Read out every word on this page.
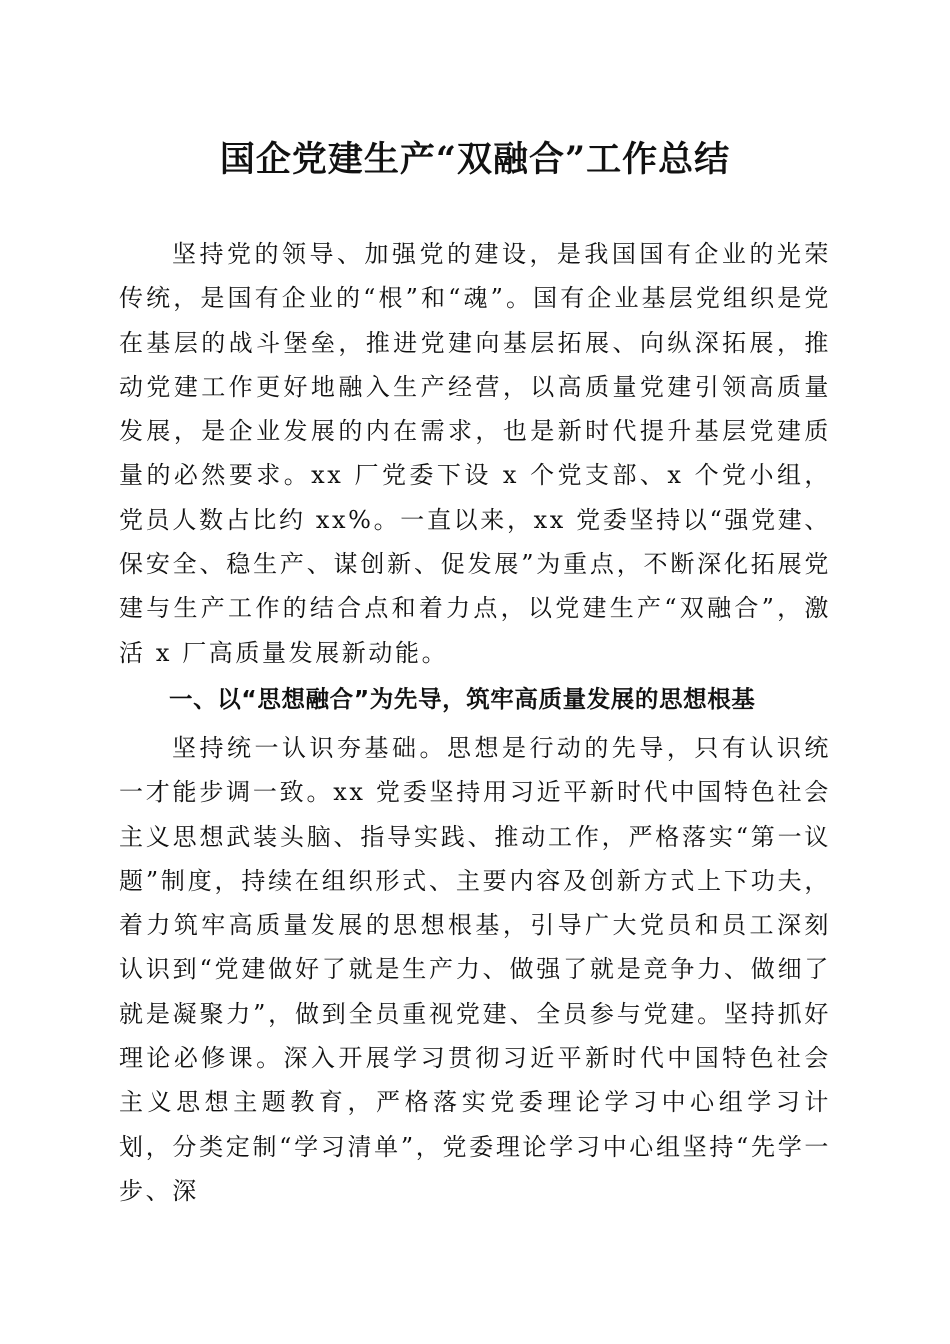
国企党建生产“双融合”工作总结

坚持党的领导、加强党的建设，是我国国有企业的光荣传统，是国有企业的“根”和“魂”。国有企业基层党组织是党在基层的战斗堡垒，推进党建向基层拓展、向纵深拓展，推动党建工作更好地融入生产经营，以高质量党建引领高质量发展，是企业发展的内在需求，也是新时代提升基层党建质量的必然要求。xx 厂党委下设 x 个党支部、x 个党小组，党员人数占比约 xx%。一直以来，xx 党委坚持以“强党建、保安全、稳生产、谋创新、促发展”为重点，不断深化拓展党建与生产工作的结合点和着力点，以党建生产“双融合”，激活 x 厂高质量发展新动能。

一、以“思想融合”为先导，筑牢高质量发展的思想根基

坚持统一认识夯基础。思想是行动的先导，只有认识统一才能步调一致。xx 党委坚持用习近平新时代中国特色社会主义思想武装头脑、指导实践、推动工作，严格落实“第一议题”制度，持续在组织形式、主要内容及创新方式上下功夫，着力筑牢高质量发展的思想根基，引导广大党员和员工深刻认识到“党建做好了就是生产力、做强了就是竞争力、做细了就是凝聚力”，做到全员重视党建、全员参与党建。坚持抓好理论必修课。深入开展学习贯彻习近平新时代中国特色社会主义思想主题教育，严格落实党委理论学习中心组学习计划，分类定制“学习清单”，党委理论学习中心组坚持“先学一步、深
